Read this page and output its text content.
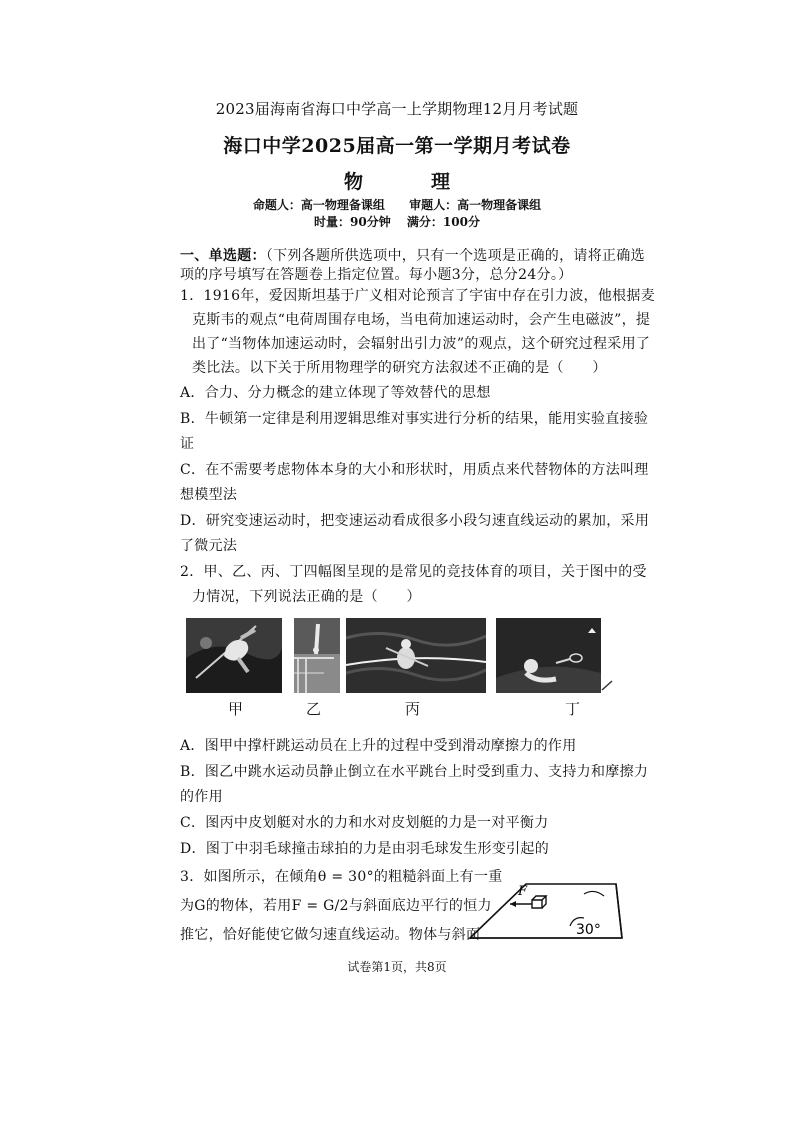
2023届海南省海口中学高一上学期物理12月月考试题
海口中学2025届高一第一学期月考试卷
物	理
命题人：高一物理备课组 审题人：高一物理备课组
时量：90分钟 满分：100分
一、单选题：（下列各题所供选项中，只有一个选项是正确的，请将正确选
项的序号填写在答题卷上指定位置。每小题3分，总分24分。）
1．1916年，爱因斯坦基于广义相对论预言了宇宙中存在引力波，他根据麦
克斯韦的观点“电荷周围存电场，当电荷加速运动时，会产生电磁波”，提
出了“当物体加速运动时，会辐射出引力波”的观点，这个研究过程采用了
类比法。以下关于所用物理学的研究方法叙述不正确的是（　　）
A．合力、分力概念的建立体现了等效替代的思想
B．牛顿第一定律是利用逻辑思维对事实进行分析的结果，能用实验直接验
证
C．在不需要考虑物体本身的大小和形状时，用质点来代替物体的方法叫理
想模型法
D．研究变速运动时，把变速运动看成很多小段匀速直线运动的累加，采用
了微元法
2．甲、乙、丙、丁四幅图呈现的是常见的竞技体育的项目，关于图中的受
力情况，下列说法正确的是（　　）
甲	乙	丙	丁
A．图甲中撑杆跳运动员在上升的过程中受到滑动摩擦力的作用
B．图乙中跳水运动员静止倒立在水平跳台上时受到重力、支持力和摩擦力
的作用
C．图丙中皮划艇对水的力和水对皮划艇的力是一对平衡力
D．图丁中羽毛球撞击球拍的力是由羽毛球发生形变引起的
3．如图所示，在倾角θ = 30°的粗糙斜面上有一重
为G的物体，若用F = G/2与斜面底边平行的恒力
推它，恰好能使它做匀速直线运动。物体与斜面
F
30°
试卷第1页，共8页
